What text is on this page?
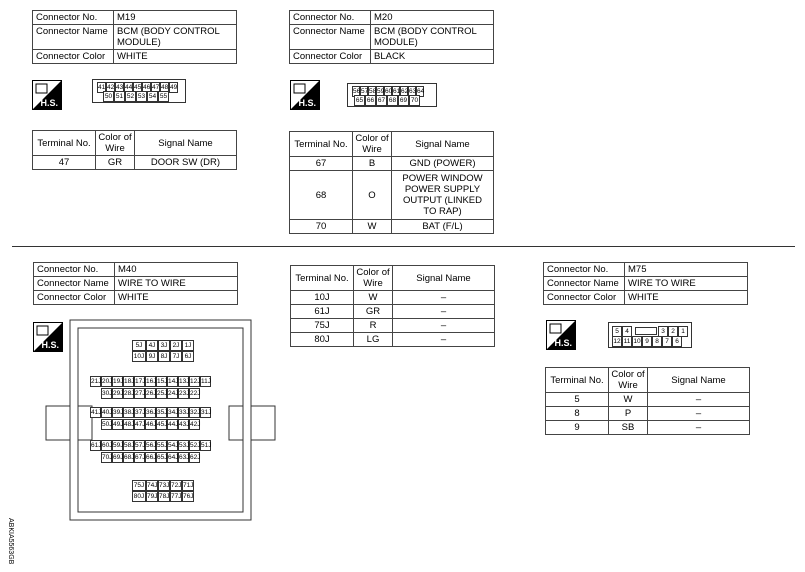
Connector No.	M19
Connector Name	BCM (BODY CONTROL MODULE)
Connector Color	WHITE
H.S.
41 42 43 44 45 46 47 48 49
50 51 52 53 54 55
Terminal No.	Color of Wire	Signal Name
47	GR	DOOR SW (DR)
Connector No.	M20
Connector Name	BCM (BODY CONTROL MODULE)
Connector Color	BLACK
H.S.
56 57 58 59 60 61 62 63 64
65 66 67 68 69 70
Terminal No.	Color of Wire	Signal Name
67	B	GND (POWER)
68	O	POWER WINDOW POWER SUPPLY OUTPUT (LINKED TO RAP)
70	W	BAT (F/L)
Connector No.	M40
Connector Name	WIRE TO WIRE
Connector Color	WHITE
H.S.	5J 4J 3J 2J 1J
10J 9J 8J 7J 6J
21J 20J 19J 18J 17J 16J 15J 14J 13J 12J 11J
30J 29J 28J 27J 26J 25J 24J 23J 22J
41J 40J 39J 38J 37J 36J 35J 34J 33J 32J 31J
50J 49J 48J 47J 46J 45J 44J 43J 42J
61J 60J 59J 58J 57J 56J 55J 54J 53J 52J 51J
70J 69J 68J 67J 66J 65J 64J 63J 62J
75J 74J 73J 72J 71J
80J 79J 78J 77J 76J
Terminal No.	Color of Wire	Signal Name
10J	W	–
61J	GR	–
75J	R	–
80J	LG	–
Connector No.	M75
Connector Name	WIRE TO WIRE
Connector Color	WHITE
H.S.
5 4	3 2 1
12 11 10 9 8 7 6
Terminal No.	Color of Wire	Signal Name
5	W	–
8	P	–
9	SB	–
ABKIA5563GB
